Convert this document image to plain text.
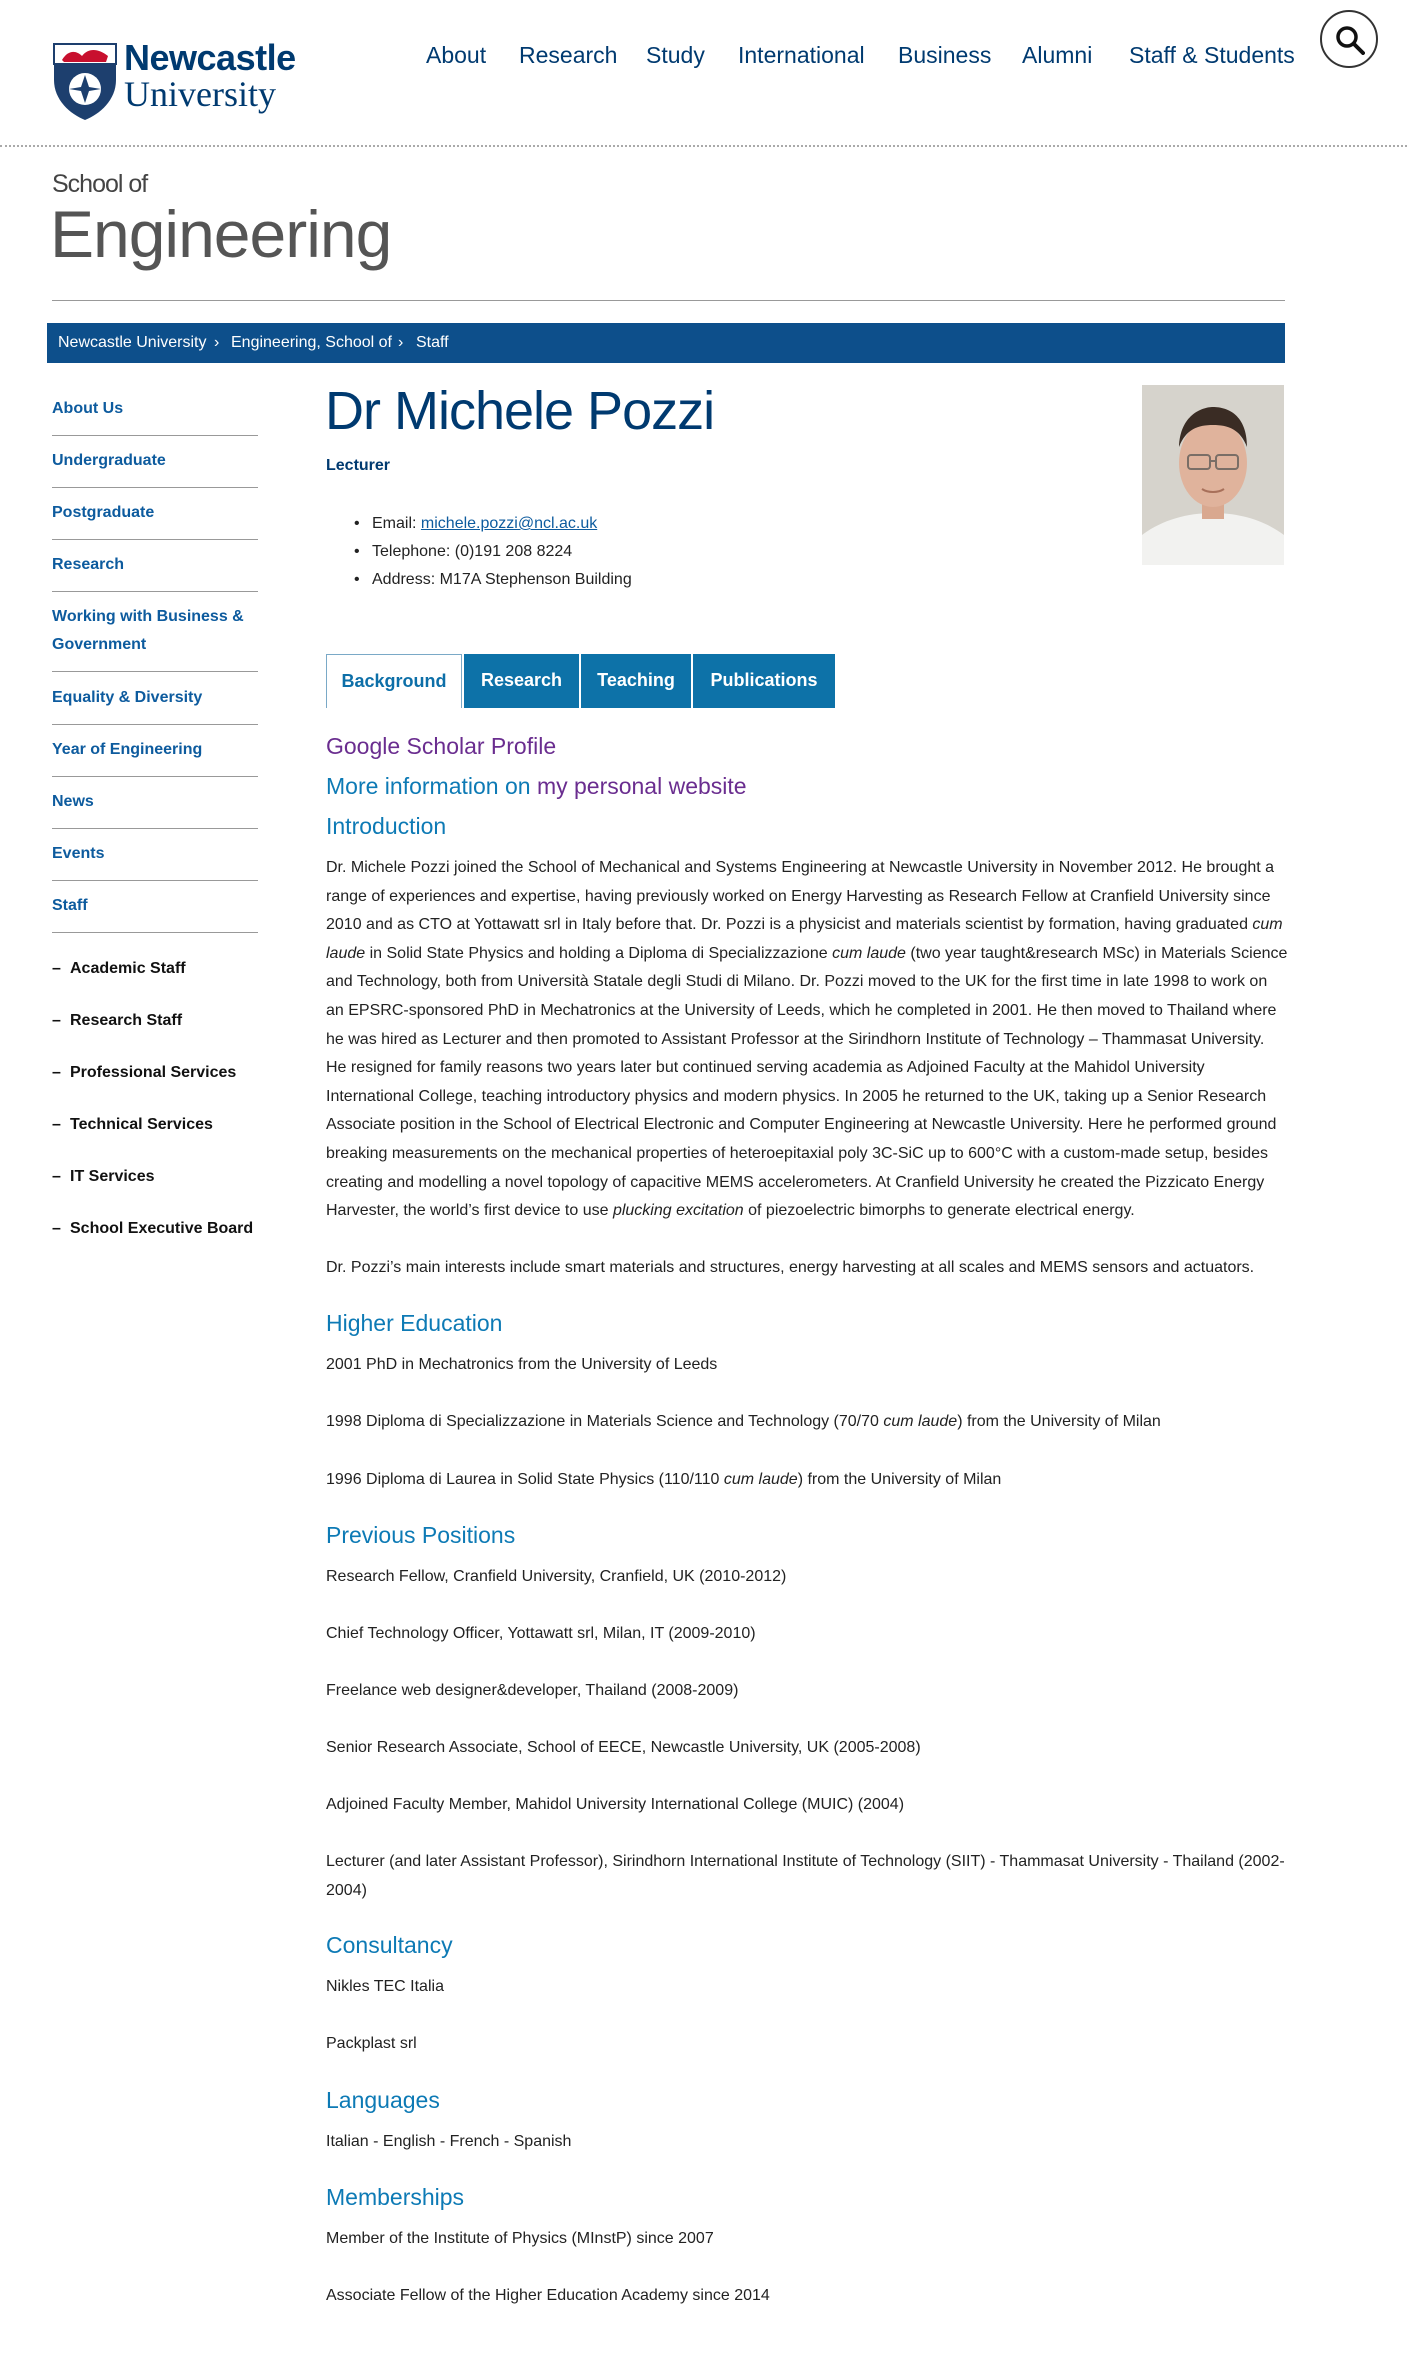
Newcastle
University
About Research Study International Business Alumni Staff & Students
School of
Engineering
Newcastle University › Engineering, School of › Staff
About Us
Undergraduate
Postgraduate
Research
Working with Business & Government
Equality & Diversity
Year of Engineering
News
Events
Staff
– Academic Staff
– Research Staff
– Professional Services
– Technical Services
– IT Services
– School Executive Board
Dr Michele Pozzi
Lecturer
• Email: michele.pozzi@ncl.ac.uk
• Telephone: (0)191 208 8224
• Address: M17A Stephenson Building
Background	Research	Teaching	Publications
Google Scholar Profile
More information on my personal website
Introduction
Dr. Michele Pozzi joined the School of Mechanical and Systems Engineering at Newcastle University in November 2012. He brought a range of experiences and expertise, having previously worked on Energy Harvesting as Research Fellow at Cranfield University since 2010 and as CTO at Yottawatt srl in Italy before that. Dr. Pozzi is a physicist and materials scientist by formation, having graduated cum laude in Solid State Physics and holding a Diploma di Specializzazione cum laude (two year taught&research MSc) in Materials Science and Technology, both from Università Statale degli Studi di Milano. Dr. Pozzi moved to the UK for the first time in late 1998 to work on an EPSRC-sponsored PhD in Mechatronics at the University of Leeds, which he completed in 2001. He then moved to Thailand where he was hired as Lecturer and then promoted to Assistant Professor at the Sirindhorn Institute of Technology – Thammasat University. He resigned for family reasons two years later but continued serving academia as Adjoined Faculty at the Mahidol University International College, teaching introductory physics and modern physics. In 2005 he returned to the UK, taking up a Senior Research Associate position in the School of Electrical Electronic and Computer Engineering at Newcastle University. Here he performed ground breaking measurements on the mechanical properties of heteroepitaxial poly 3C-SiC up to 600°C with a custom-made setup, besides creating and modelling a novel topology of capacitive MEMS accelerometers. At Cranfield University he created the Pizzicato Energy Harvester, the world’s first device to use plucking excitation of piezoelectric bimorphs to generate electrical energy.
Dr. Pozzi’s main interests include smart materials and structures, energy harvesting at all scales and MEMS sensors and actuators.
Higher Education
2001 PhD in Mechatronics from the University of Leeds
1998 Diploma di Specializzazione in Materials Science and Technology (70/70 cum laude) from the University of Milan
1996 Diploma di Laurea in Solid State Physics (110/110 cum laude) from the University of Milan
Previous Positions
Research Fellow, Cranfield University, Cranfield, UK (2010-2012)
Chief Technology Officer, Yottawatt srl, Milan, IT (2009-2010)
Freelance web designer&developer, Thailand (2008-2009)
Senior Research Associate, School of EECE, Newcastle University, UK (2005-2008)
Adjoined Faculty Member, Mahidol University International College (MUIC) (2004)
Lecturer (and later Assistant Professor), Sirindhorn International Institute of Technology (SIIT) - Thammasat University - Thailand (2002-2004)
Consultancy
Nikles TEC Italia
Packplast srl
Languages
Italian - English - French - Spanish
Memberships
Member of the Institute of Physics (MInstP) since 2007
Associate Fellow of the Higher Education Academy since 2014
